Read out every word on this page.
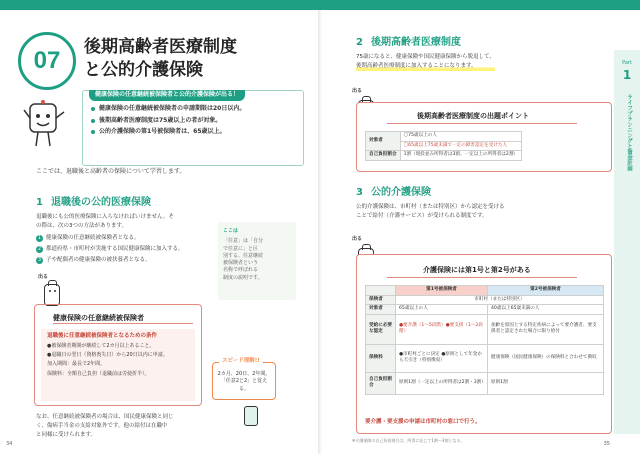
07	後期高齢者医療制度
と公的介護保険
健康保険の任意継続被保険者と公的介護保険が出る！
健康保険の任意継続被保険者の申請期限は20日以内。
後期高齢者医療制度は75歳以上の者が対象。
公的介護保険の第1号被保険者は、65歳以上。
ここでは、退職後と高齢者の保険について学習します。
1 退職後の公的医療保険

退職後にも公的医療保険に入らなければいけません。そ

の際は、次の3つの方法があります。

1 健康保険の任意継続被保険者となる。
2 都道府県・市町村が実施する国民健康保険に加入する。
3 子や配偶者の健康保険の被扶養者となる。
ここは

「任意」は「自分

で任意に」と区

別する、任意継続

被保険者という

名称で呼ばれる

制度の説明です。

出る
健康保険の任意継続被保険者
退職後に任意継続被保険者となるための条件
●被保険者期間が継続して2カ月以上あること。
●退職日の翌日（資格喪失日）から20日以内に申請。
加入期間：最長で2年間。
保険料：全額自己負担（退職前は労使折半）。
スピード理解!!
2カ月、20日、2年間。
「任意2と2」と覚える。

なお、任意継続被保険者の場合は、国民健康保険と同じ

く、傷病手当金の支給対象外です。他の給付は在職中

と同様に受けられます。

34
Part
1
ライフプランニングと資金計画
2 後期高齢者医療制度

75歳になると、健康保険や国民健康保険から脱退して、

後期高齢者医療制度に加入することになります。

出る
後期高齢者医療制度の出題ポイント
対象者	〇75歳以上の人
	〇65歳以上75歳未満で一定の障害認定を受けた人
自己負担割合	1割（現役並み所得者は3割、一定以上の所得者は2割）
3 公的介護保険

公的介護保険は、市町村（または特別区）から認定を受ける

ことで給付（介護サービス）が受けられる制度です。

出る
介護保険には第1号と第2号がある
	第1号被保険者	第2号被保険者
保険者	市町村（または特別区）	
対象者	65歳以上の人	40歳以上65歳未満の人
受給に必要な認定	●要介護（1〜5段階）●要支援（1〜2段階）	加齢を原因とする特定疾病によって要介護者、要支援者と認定された場合に限り給付
保険料	●市町村ごとに決定 ●原則として年金から天引き（特別徴収）	健康保険（国民健康保険）の保険料と合わせて徴収
自己負担割合	原則1割（一定以上の所得者は2割・3割）	原則1割
要介護・要支援の申請は市町村の窓口で行う。
※介護保険の自己負担割合は、所得に応じて1割〜3割となる。
35
